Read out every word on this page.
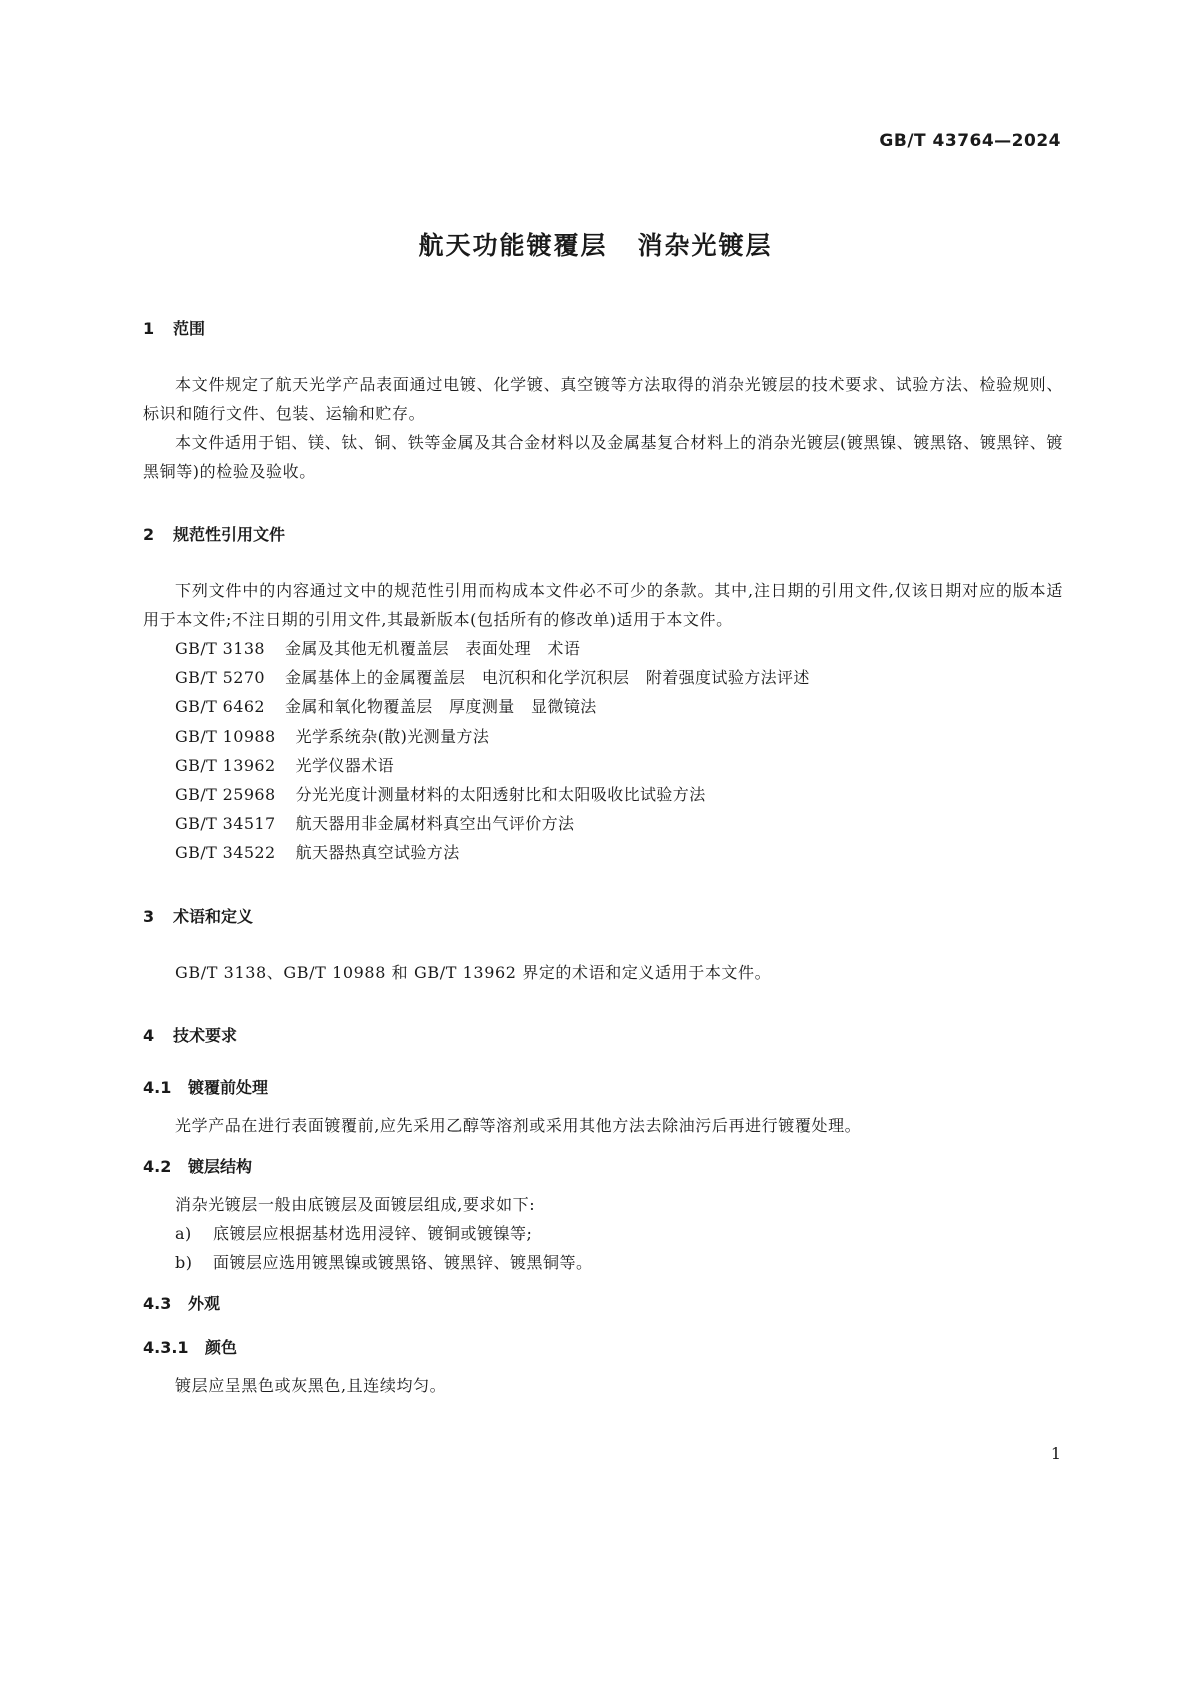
GB/T 43764—2024
航天功能镀覆层 消杂光镀层
1 范围

本文件规定了航天光学产品表面通过电镀、化学镀、真空镀等方法取得的消杂光镀层的技术要求、试验方法、检验规则、标识和随行文件、包装、运输和贮存。

本文件适用于铝、镁、钛、铜、铁等金属及其合金材料以及金属基复合材料上的消杂光镀层(镀黑镍、镀黑铬、镀黑锌、镀黑铜等)的检验及验收。

2 规范性引用文件

下列文件中的内容通过文中的规范性引用而构成本文件必不可少的条款。其中,注日期的引用文件,仅该日期对应的版本适用于本文件;不注日期的引用文件,其最新版本(包括所有的修改单)适用于本文件。

GB/T 3138 金属及其他无机覆盖层　表面处理　术语
GB/T 5270 金属基体上的金属覆盖层　电沉积和化学沉积层　附着强度试验方法评述
GB/T 6462 金属和氧化物覆盖层　厚度测量　显微镜法
GB/T 10988 光学系统杂(散)光测量方法
GB/T 13962 光学仪器术语
GB/T 25968 分光光度计测量材料的太阳透射比和太阳吸收比试验方法
GB/T 34517 航天器用非金属材料真空出气评价方法
GB/T 34522 航天器热真空试验方法
3 术语和定义

GB/T 3138、GB/T 10988 和 GB/T 13962 界定的术语和定义适用于本文件。

4 技术要求
4.1 镀覆前处理

光学产品在进行表面镀覆前,应先采用乙醇等溶剂或采用其他方法去除油污后再进行镀覆处理。

4.2 镀层结构

消杂光镀层一般由底镀层及面镀层组成,要求如下:

a) 底镀层应根据基材选用浸锌、镀铜或镀镍等;
b) 面镀层应选用镀黑镍或镀黑铬、镀黑锌、镀黑铜等。
4.3 外观
4.3.1 颜色

镀层应呈黑色或灰黑色,且连续均匀。

1
